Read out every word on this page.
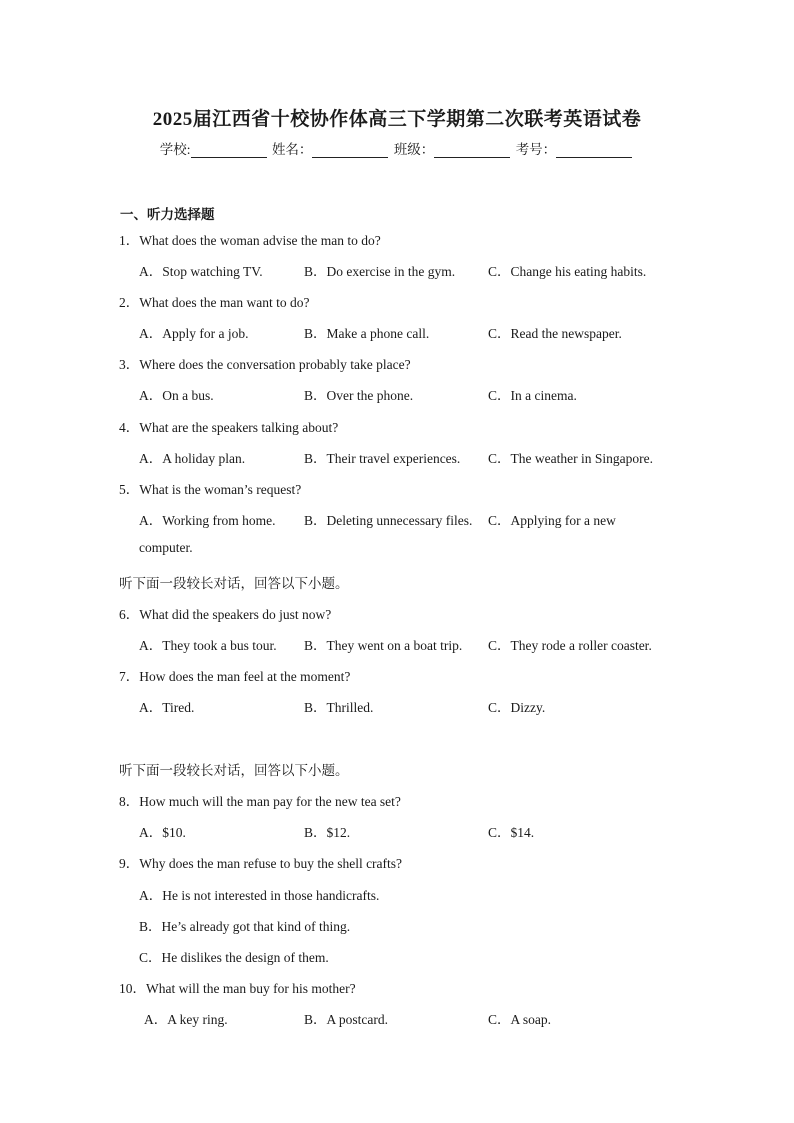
2025届江西省十校协作体高三下学期第二次联考英语试卷
学校:	姓名：	班级：	考号：
一、听力选择题
1．What does the woman advise the man to do?
A．Stop watching TV.	B．Do exercise in the gym. C．Change his eating habits.
2．What does the man want to do?
A．Apply for a job.	B．Make a phone call.	C．Read the newspaper.
3．Where does the conversation probably take place?
A．On a bus.	B．Over the phone.	C．In a cinema.
4．What are the speakers talking about?
A．A holiday plan.	B．Their travel experiences. C．The weather in Singapore.
5．What is the woman’s request?
A．Working from home. B．Deleting unnecessary files. C．Applying for a new
computer.
听下面一段较长对话，回答以下小题。
6．What did the speakers do just now?
A．They took a bus tour. B．They went on a boat trip. C．They rode a roller coaster.
7．How does the man feel at the moment?
A．Tired.	B．Thrilled.	C．Dizzy.
听下面一段较长对话，回答以下小题。
8．How much will the man pay for the new tea set?
A．$10.	B．$12.	C．$14.
9．Why does the man refuse to buy the shell crafts?
A．He is not interested in those handicrafts.
B．He’s already got that kind of thing.
C．He dislikes the design of them.
10．What will the man buy for his mother?
A．A key ring.	B．A postcard.	C．A soap.
